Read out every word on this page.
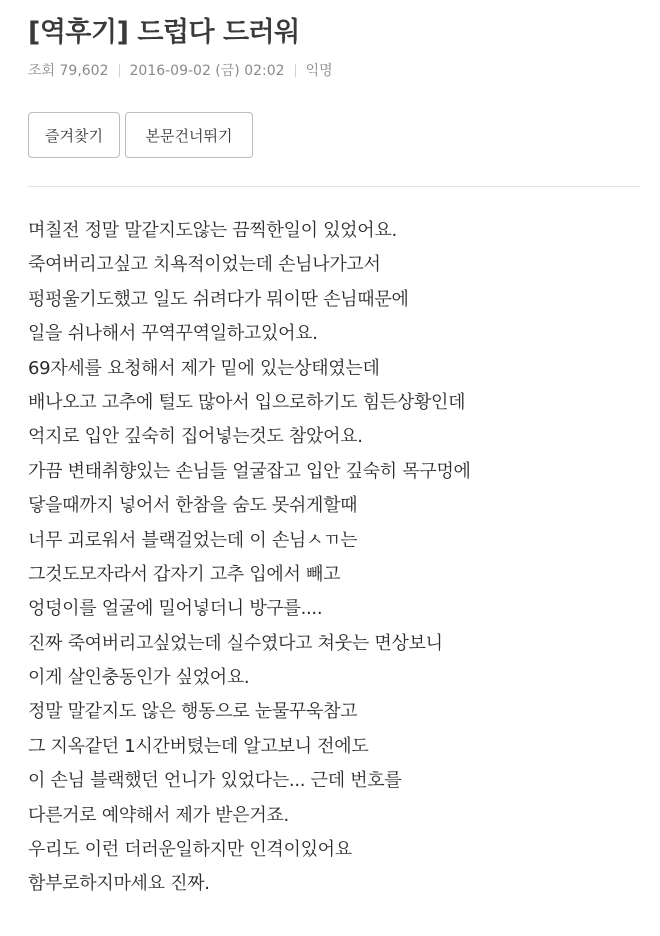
[역후기] 드럽다 드러워
조회 79,602 2016-09-02 (금) 02:02 익명
즐겨찾기	본문건너뛰기
며칠전 정말 말같지도않는 끔찍한일이 있었어요.
죽여버리고싶고 치욕적이었는데 손님나가고서
펑펑울기도했고 일도 쉬려다가 뭐이딴 손님때문에
일을 쉬나해서 꾸역꾸역일하고있어요.
69자세를 요청해서 제가 밑에 있는상태였는데
배나오고 고추에 털도 많아서 입으로하기도 힘든상황인데
억지로 입안 깊숙히 집어넣는것도 참았어요.
가끔 변태취향있는 손님들 얼굴잡고 입안 깊숙히 목구멍에
닿을때까지 넣어서 한참을 숨도 못쉬게할때
너무 괴로워서 블랙걸었는데 이 손님ㅅㄲ는
그것도모자라서 갑자기 고추 입에서 빼고
엉덩이를 얼굴에 밀어넣더니 방구를....
진짜 죽여버리고싶었는데 실수였다고 쳐웃는 면상보니
이게 살인충동인가 싶었어요.
정말 말같지도 않은 행동으로 눈물꾸욱참고
그 지옥같던 1시간버텼는데 알고보니 전에도
이 손님 블랙했던 언니가 있었다는... 근데 번호를
다른거로 예약해서 제가 받은거죠.
우리도 이런 더러운일하지만 인격이있어요
함부로하지마세요 진짜.
